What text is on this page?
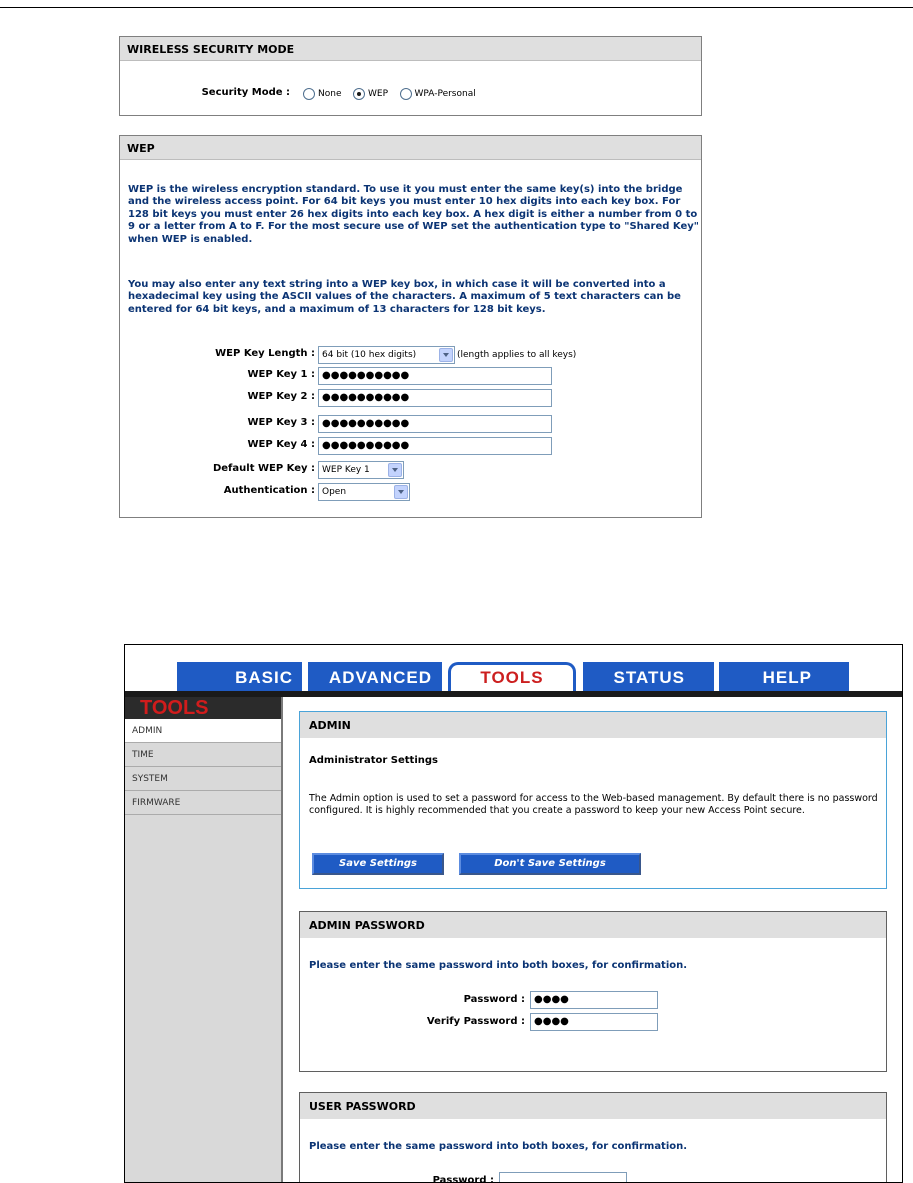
WIRELESS SECURITY MODE
Security Mode :	None	WEP	WPA-Personal
WEP
WEP is the wireless encryption standard. To use it you must enter the same key(s) into the bridge and the wireless access point. For 64 bit keys you must enter 10 hex digits into each key box. For 128 bit keys you must enter 26 hex digits into each key box. A hex digit is either a number from 0 to 9 or a letter from A to F. For the most secure use of WEP set the authentication type to "Shared Key" when WEP is enabled.
You may also enter any text string into a WEP key box, in which case it will be converted into a hexadecimal key using the ASCII values of the characters. A maximum of 5 text characters can be entered for 64 bit keys, and a maximum of 13 characters for 128 bit keys.
WEP Key Length : 64 bit (10 hex digits)	(length applies to all keys)
WEP Key 1 : ●●●●●●●●●●
WEP Key 2 : ●●●●●●●●●●
WEP Key 3 : ●●●●●●●●●●
WEP Key 4 : ●●●●●●●●●●
Default WEP Key : WEP Key 1
Authentication : Open
BASIC	ADVANCED	TOOLS	STATUS	HELP
TOOLS
ADMIN
TIME
SYSTEM
FIRMWARE
ADMIN
Administrator Settings
The Admin option is used to set a password for access to the Web-based management. By default there is no password configured. It is highly recommended that you create a password to keep your new Access Point secure.
Save Settings	Don't Save Settings
ADMIN PASSWORD
Please enter the same password into both boxes, for confirmation.
Password : ●●●●
Verify Password : ●●●●
USER PASSWORD
Please enter the same password into both boxes, for confirmation.
Password :
